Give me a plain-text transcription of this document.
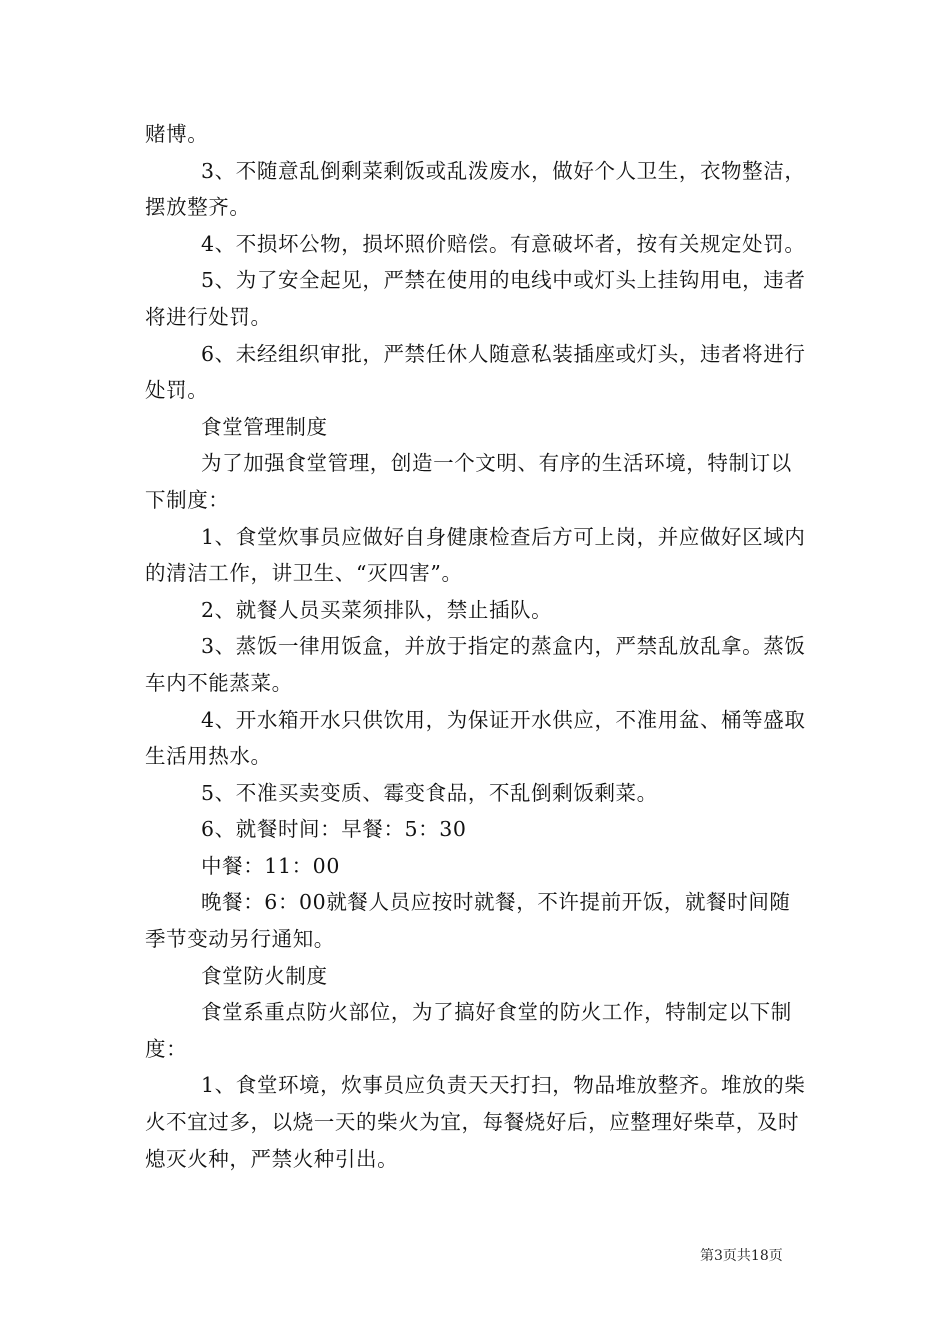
赌博。

3、不随意乱倒剩菜剩饭或乱泼废水，做好个人卫生，衣物整洁，摆放整齐。

4、不损坏公物，损坏照价赔偿。有意破坏者，按有关规定处罚。

5、为了安全起见，严禁在使用的电线中或灯头上挂钩用电，违者将进行处罚。

6、未经组织审批，严禁任休人随意私装插座或灯头，违者将进行处罚。

食堂管理制度

为了加强食堂管理，创造一个文明、有序的生活环境，特制订以下制度：

1、食堂炊事员应做好自身健康检查后方可上岗，并应做好区域内的清洁工作，讲卫生、“灭四害”。

2、就餐人员买菜须排队，禁止插队。

3、蒸饭一律用饭盒，并放于指定的蒸盒内，严禁乱放乱拿。蒸饭车内不能蒸菜。

4、开水箱开水只供饮用，为保证开水供应，不准用盆、桶等盛取生活用热水。

5、不准买卖变质、霉变食品，不乱倒剩饭剩菜。

6、就餐时间：早餐：5：30

中餐：11：00

晚餐：6：00就餐人员应按时就餐，不许提前开饭，就餐时间随季节变动另行通知。

食堂防火制度

食堂系重点防火部位，为了搞好食堂的防火工作，特制定以下制度：

1、食堂环境，炊事员应负责天天打扫，物品堆放整齐。堆放的柴火不宜过多，以烧一天的柴火为宜，每餐烧好后，应整理好柴草，及时熄灭火种，严禁火种引出。

第3页共18页
